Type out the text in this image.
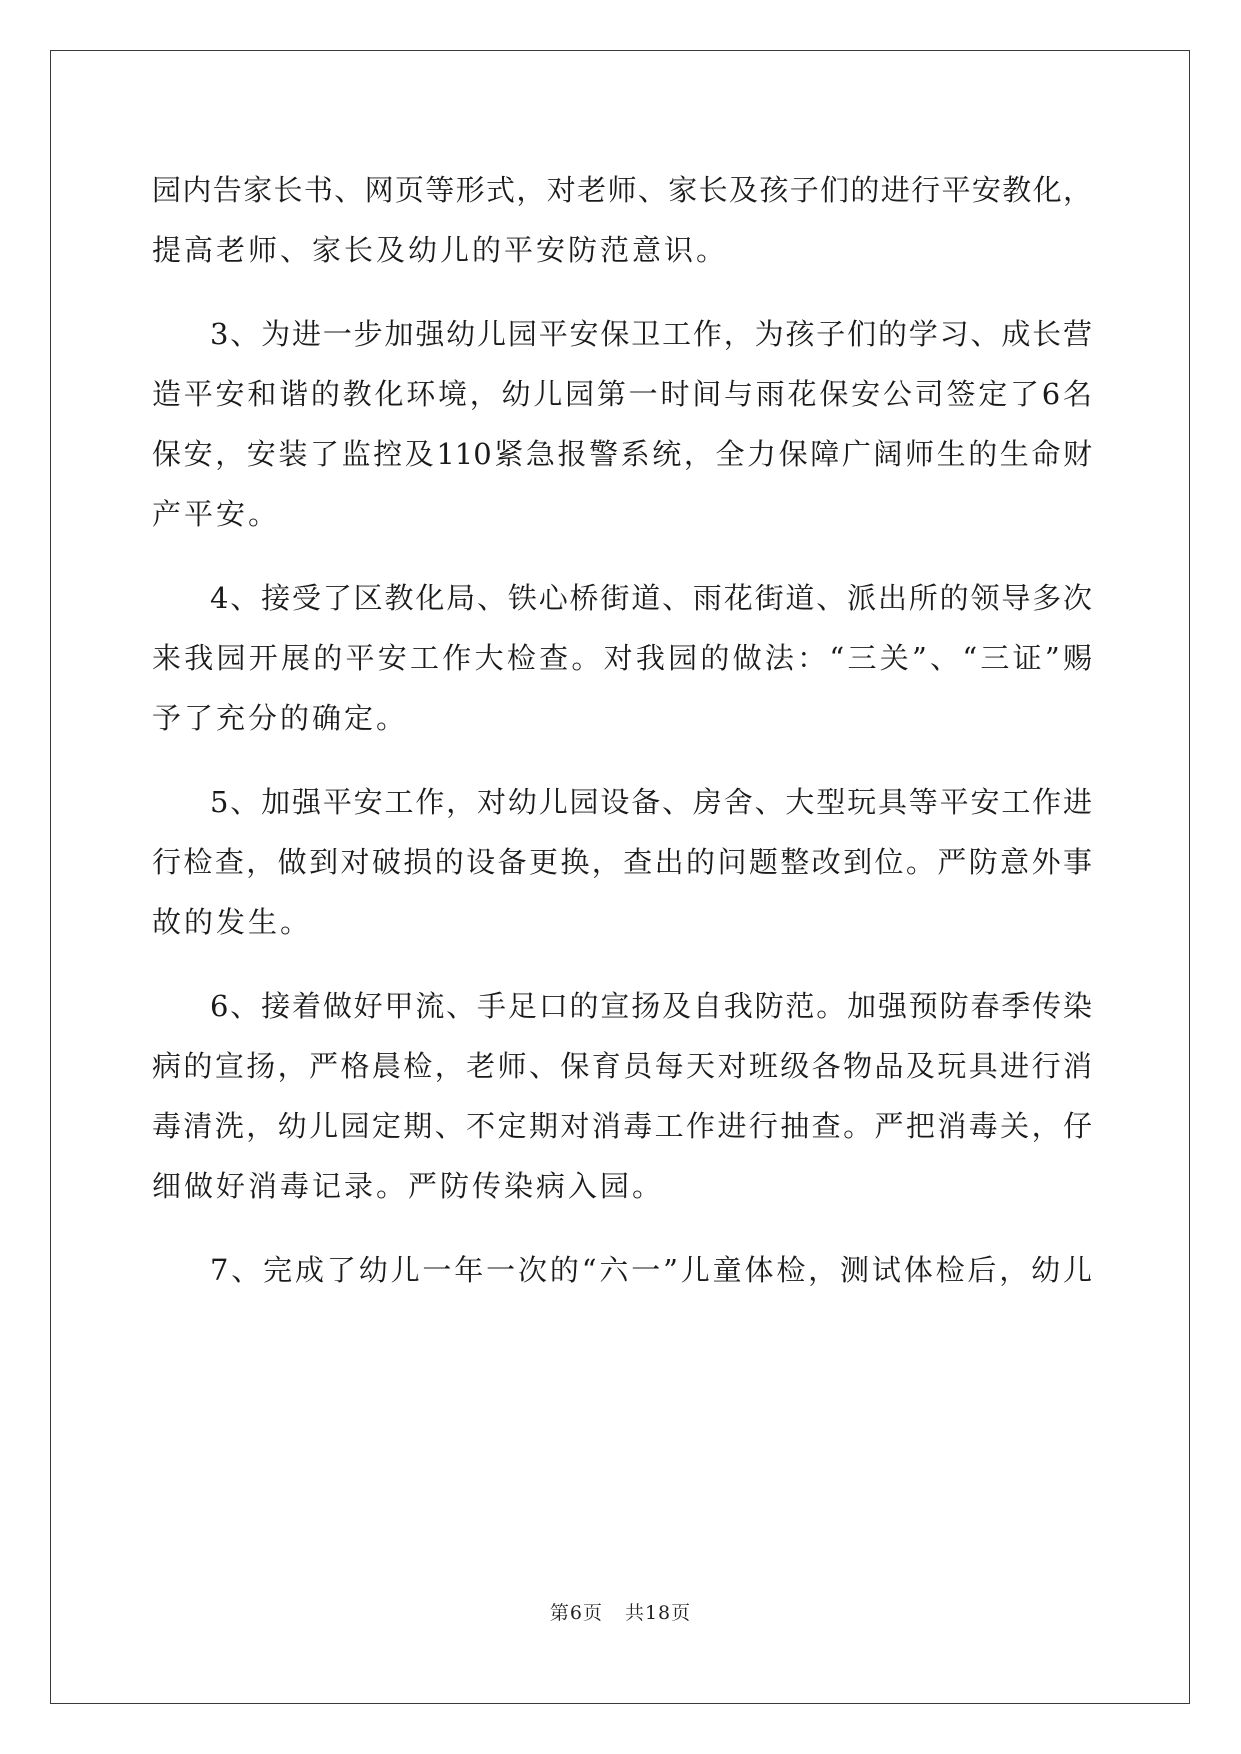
园内告家长书、网页等形式，对老师、家长及孩子们的进行平安教化，
提高老师、家长及幼儿的平安防范意识。
3、为进一步加强幼儿园平安保卫工作，为孩子们的学习、成长营
造平安和谐的教化环境，幼儿园第一时间与雨花保安公司签定了6名
保安，安装了监控及110紧急报警系统，全力保障广阔师生的生命财
产平安。
4、接受了区教化局、铁心桥街道、雨花街道、派出所的领导多次
来我园开展的平安工作大检查。对我园的做法：“三关”、“三证”赐
予了充分的确定。
5、加强平安工作，对幼儿园设备、房舍、大型玩具等平安工作进
行检查，做到对破损的设备更换，查出的问题整改到位。严防意外事
故的发生。
6、接着做好甲流、手足口的宣扬及自我防范。加强预防春季传染
病的宣扬，严格晨检，老师、保育员每天对班级各物品及玩具进行消
毒清洗，幼儿园定期、不定期对消毒工作进行抽查。严把消毒关，仔
细做好消毒记录。严防传染病入园。
7、完成了幼儿一年一次的“六一”儿童体检，测试体检后，幼儿
第6页 共18页
